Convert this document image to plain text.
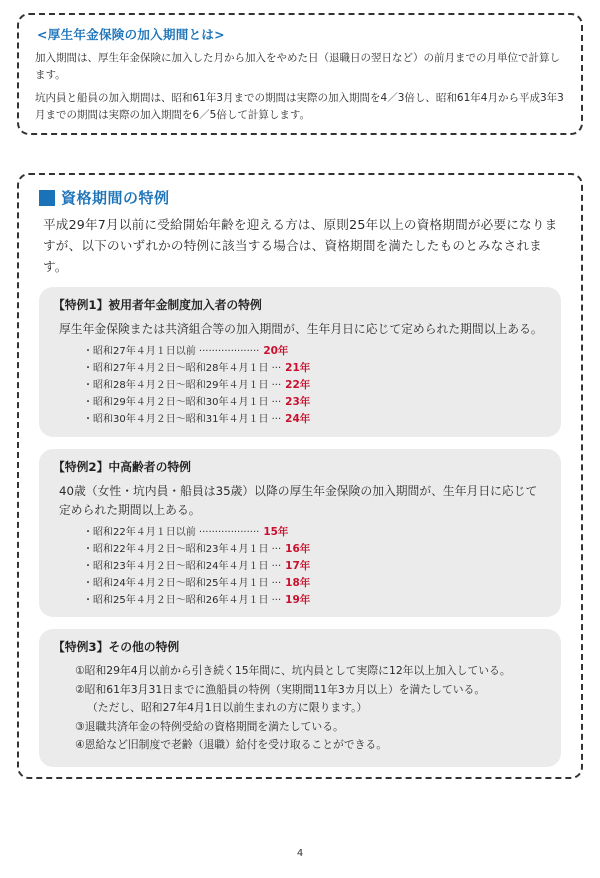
<厚生年金保険の加入期間とは>

加入期間は、厚生年金保険に加入した月から加入をやめた日（退職日の翌日など）の前月までの月単位で計算します。

坑内員と船員の加入期間は、昭和61年3月までの期間は実際の加入期間を4／3倍し、昭和61年4月から平成3年3月までの期間は実際の加入期間を6／5倍して計算します。

資格期間の特例
平成29年7月以前に受給開始年齢を迎える方は、原則25年以上の資格期間が必要になりますが、以下のいずれかの特例に該当する場合は、資格期間を満たしたものとみなされます。
【特例1】被用者年金制度加入者の特例
厚生年金保険または共済組合等の加入期間が、生年月日に応じて定められた期間以上ある。
・昭和27年４月１日以前 ··················· 20年
・昭和27年４月２日〜昭和28年４月１日 ··· 21年
・昭和28年４月２日〜昭和29年４月１日 ··· 22年
・昭和29年４月２日〜昭和30年４月１日 ··· 23年
・昭和30年４月２日〜昭和31年４月１日 ··· 24年
【特例2】中高齢者の特例
40歳（女性・坑内員・船員は35歳）以降の厚生年金保険の加入期間が、生年月日に応じて定められた期間以上ある。
・昭和22年４月１日以前 ··················· 15年
・昭和22年４月２日〜昭和23年４月１日 ··· 16年
・昭和23年４月２日〜昭和24年４月１日 ··· 17年
・昭和24年４月２日〜昭和25年４月１日 ··· 18年
・昭和25年４月２日〜昭和26年４月１日 ··· 19年
【特例3】その他の特例
①昭和29年4月以前から引き続く15年間に、坑内員として実際に12年以上加入している。
②昭和61年3月31日までに漁船員の特例（実期間11年3カ月以上）を満たしている。
（ただし、昭和27年4月1日以前生まれの方に限ります。）
③退職共済年金の特例受給の資格期間を満たしている。
④恩給など旧制度で老齢（退職）給付を受け取ることができる。
4
